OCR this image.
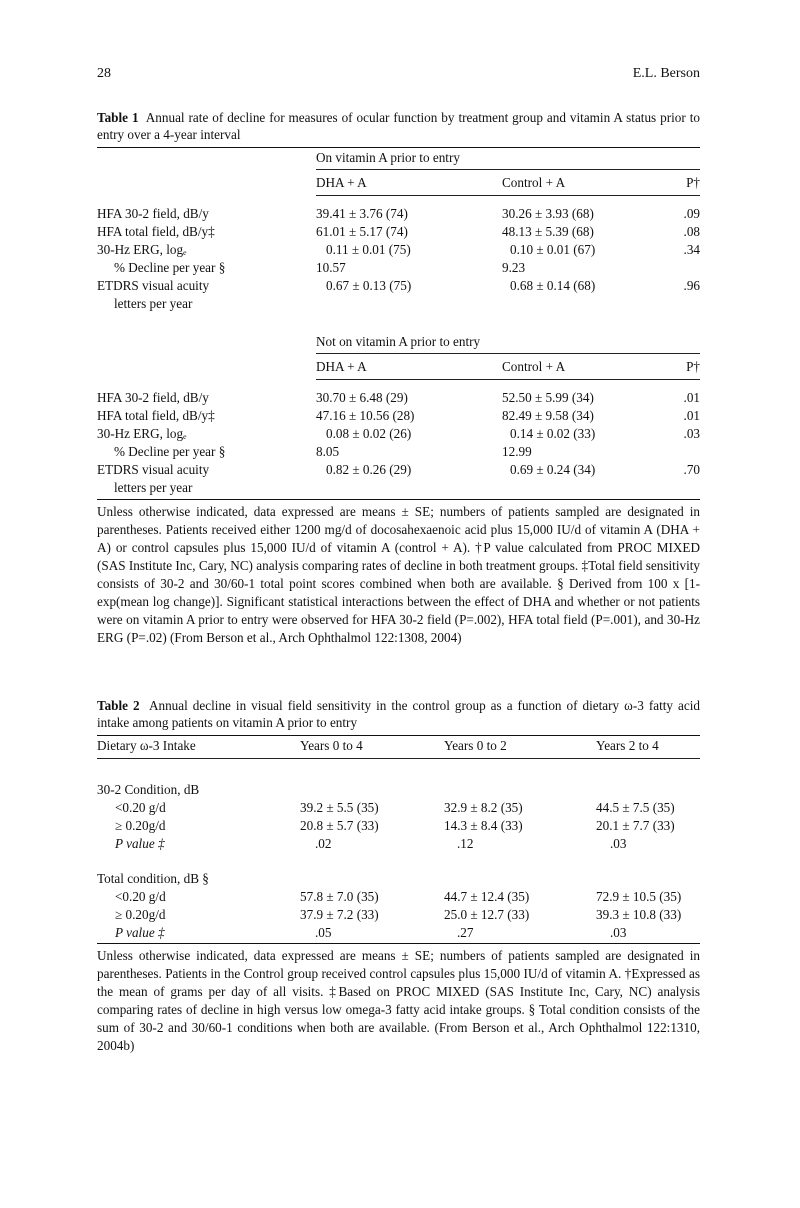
28	E.L. Berson
Table 1 Annual rate of decline for measures of ocular function by treatment group and vitamin A status prior to entry over a 4-year interval
On vitamin A prior to entry
DHA + A	Control + A	P†
HFA 30-2 field, dB/y	39.41 ± 3.76 (74)	30.26 ± 3.93 (68)	.09
HFA total field, dB/y‡	61.01 ± 5.17 (74)	48.13 ± 5.39 (68)	.08
30-Hz ERG, logₑ	0.11 ± 0.01 (75)	0.10 ± 0.01 (67)	.34
% Decline per year §	10.57	9.23
ETDRS visual acuity	0.67 ± 0.13 (75)	0.68 ± 0.14 (68)	.96
letters per year
Not on vitamin A prior to entry
DHA + A	Control + A	P†
HFA 30-2 field, dB/y	30.70 ± 6.48 (29)	52.50 ± 5.99 (34)	.01
HFA total field, dB/y‡	47.16 ± 10.56 (28)	82.49 ± 9.58 (34)	.01
30-Hz ERG, logₑ	0.08 ± 0.02 (26)	0.14 ± 0.02 (33)	.03
% Decline per year §	8.05	12.99
ETDRS visual acuity	0.82 ± 0.26 (29)	0.69 ± 0.24 (34)	.70
letters per year
Unless otherwise indicated, data expressed are means ± SE; numbers of patients sampled are designated in parentheses. Patients received either 1200 mg/d of docosahexaenoic acid plus 15,000 IU/d of vitamin A (DHA + A) or control capsules plus 15,000 IU/d of vitamin A (control + A). †P value calculated from PROC MIXED (SAS Institute Inc, Cary, NC) analysis comparing rates of decline in both treatment groups. ‡Total field sensitivity consists of 30-2 and 30/60-1 total point scores combined when both are available. § Derived from 100 x [1-exp(mean log change)]. Significant statistical interactions between the effect of DHA and whether or not patients were on vitamin A prior to entry were observed for HFA 30-2 field (P=.002), HFA total field (P=.001), and 30-Hz ERG (P=.02) (From Berson et al., Arch Ophthalmol 122:1308, 2004)
Table 2 Annual decline in visual field sensitivity in the control group as a function of dietary ω-3 fatty acid intake among patients on vitamin A prior to entry
Dietary ω-3 Intake	Years 0 to 4	Years 0 to 2	Years 2 to 4
30-2 Condition, dB
<0.20 g/d	39.2 ± 5.5 (35)	32.9 ± 8.2 (35)	44.5 ± 7.5 (35)
≥ 0.20g/d	20.8 ± 5.7 (33)	14.3 ± 8.4 (33)	20.1 ± 7.7 (33)
P value ‡	.02	.12	.03
Total condition, dB §
<0.20 g/d	57.8 ± 7.0 (35)	44.7 ± 12.4 (35)	72.9 ± 10.5 (35)
≥ 0.20g/d	37.9 ± 7.2 (33)	25.0 ± 12.7 (33)	39.3 ± 10.8 (33)
P value ‡	.05	.27	.03
Unless otherwise indicated, data expressed are means ± SE; numbers of patients sampled are designated in parentheses. Patients in the Control group received control capsules plus 15,000 IU/d of vitamin A. †Expressed as the mean of grams per day of all visits. ‡Based on PROC MIXED (SAS Institute Inc, Cary, NC) analysis comparing rates of decline in high versus low omega-3 fatty acid intake groups. § Total condition consists of the sum of 30-2 and 30/60-1 conditions when both are available. (From Berson et al., Arch Ophthalmol 122:1310, 2004b)
